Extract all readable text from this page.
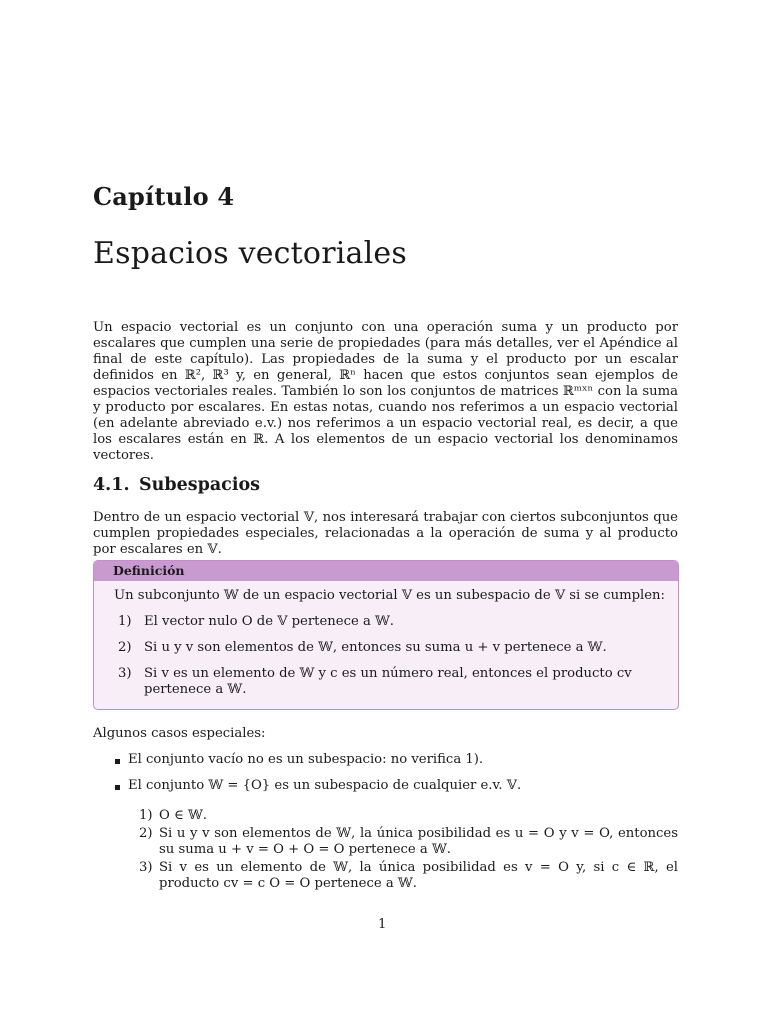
Capítulo 4
Espacios vectoriales

Un espacio vectorial es un conjunto con una operación suma y un producto por escalares que cumplen una serie de propiedades (para más detalles, ver el Apéndice al final de este capítulo). Las propiedades de la suma y el producto por un escalar definidos en ℝ², ℝ³ y, en general, ℝⁿ hacen que estos conjuntos sean ejemplos de espacios vectoriales reales. También lo son los conjuntos de matrices ℝᵐˣⁿ con la suma y producto por escalares. En estas notas, cuando nos referimos a un espacio vectorial (en adelante abreviado e.v.) nos referimos a un espacio vectorial real, es decir, a que los escalares están en ℝ. A los elementos de un espacio vectorial los denominamos vectores.

4.1. Subespacios

Dentro de un espacio vectorial 𝕍, nos interesará trabajar con ciertos subconjuntos que cumplen propiedades especiales, relacionadas a la operación de suma y al producto por escalares en 𝕍.

Definición
Un subconjunto 𝕎 de un espacio vectorial 𝕍 es un subespacio de 𝕍 si se cumplen:
1) El vector nulo O de 𝕍 pertenece a 𝕎.
2) Si u y v son elementos de 𝕎, entonces su suma u + v pertenece a 𝕎.
3) Si v es un elemento de 𝕎 y c es un número real, entonces el producto cv pertenece a 𝕎.

Algunos casos especiales:

El conjunto vacío no es un subespacio: no verifica 1).
El conjunto 𝕎 = {O} es un subespacio de cualquier e.v. 𝕍.
1) O ∈ 𝕎.
2) Si u y v son elementos de 𝕎, la única posibilidad es u = O y v = O, entonces su suma u + v = O + O = O pertenece a 𝕎.
3) Si v es un elemento de 𝕎, la única posibilidad es v = O y, si c ∈ ℝ, el producto cv = c O = O pertenece a 𝕎.
1
